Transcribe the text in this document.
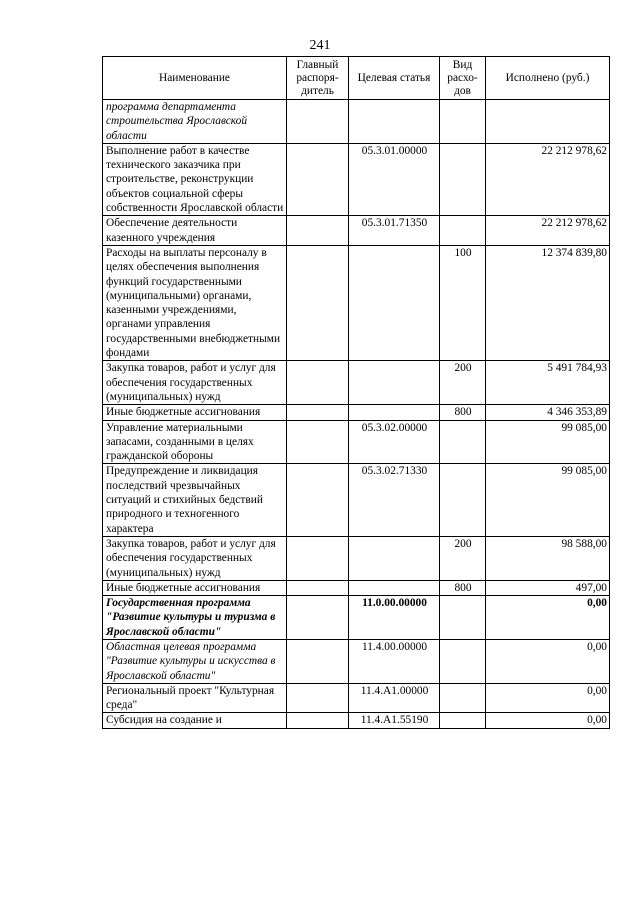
241
Наименование	Главный распоря-дитель	Целевая статья	Вид расхо-дов	Исполнено (руб.)
программа департамента строительства Ярославской области				
Выполнение работ в качестве технического заказчика при строительстве, реконструкции объектов социальной сферы собственности Ярославской области		05.3.01.00000		22 212 978,62
Обеспечение деятельности казенного учреждения		05.3.01.71350		22 212 978,62
Расходы на выплаты персоналу в целях обеспечения выполнения функций государственными (муниципальными) органами, казенными учреждениями, органами управления государственными внебюджетными фондами			100	12 374 839,80
Закупка товаров, работ и услуг для обеспечения государственных (муниципальных) нужд			200	5 491 784,93
Иные бюджетные ассигнования			800	4 346 353,89
Управление материальными запасами, созданными в целях гражданской обороны		05.3.02.00000		99 085,00
Предупреждение и ликвидация последствий чрезвычайных ситуаций и стихийных бедствий природного и техногенного характера		05.3.02.71330		99 085,00
Закупка товаров, работ и услуг для обеспечения государственных (муниципальных) нужд			200	98 588,00
Иные бюджетные ассигнования			800	497,00
Государственная программа "Развитие культуры и туризма в Ярославской области"		11.0.00.00000		0,00
Областная целевая программа "Развитие культуры и искусства в Ярославской области"		11.4.00.00000		0,00
Региональный проект "Культурная среда"		11.4.A1.00000		0,00
Субсидия на создание и		11.4.A1.55190		0,00
